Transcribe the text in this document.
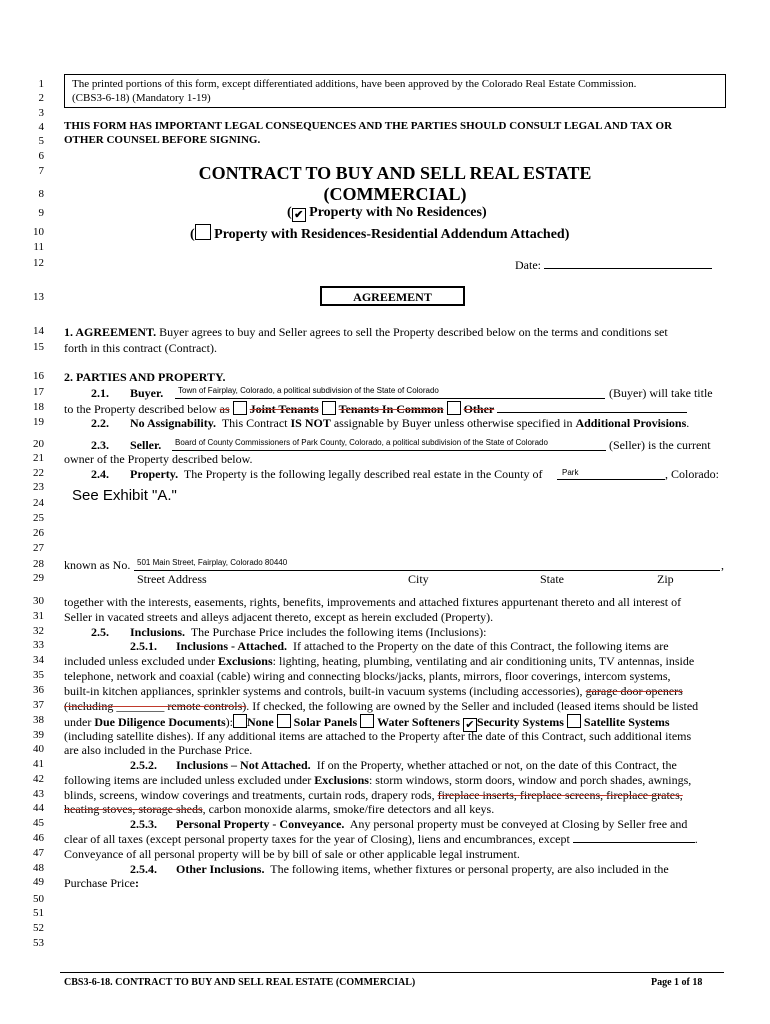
1
2
3
4
5
6
7
8
9
10
11
12
13
14
15
16
17
18
19
20
21
22
23
24
25
26
27
28
29
30
31
32
33
34
35
36
37
38
39
40
41
42
43
44
45
46
47
48
49
50
51
52
53
The printed portions of this form, except differentiated additions, have been approved by the Colorado Real Estate Commission.
(CBS3-6-18) (Mandatory 1-19)
THIS FORM HAS IMPORTANT LEGAL CONSEQUENCES AND THE PARTIES SHOULD CONSULT LEGAL AND TAX OR
OTHER COUNSEL BEFORE SIGNING.
CONTRACT TO BUY AND SELL REAL ESTATE
(COMMERCIAL)
( ✔ Property with No Residences)
( Property with Residences-Residential Addendum Attached)
Date:
AGREEMENT
1. AGREEMENT. Buyer agrees to buy and Seller agrees to sell the Property described below on the terms and conditions set
forth in this contract (Contract).
2. PARTIES AND PROPERTY.
2.1. Buyer. Town of Fairplay, Colorado, a political subdivision of the State of Colorado	(Buyer) will take title
to the Property described below as Joint Tenants Tenants In Common Other
2.2. No Assignability. This Contract IS NOT assignable by Buyer unless otherwise specified in Additional Provisions.
2.3. Seller. Board of County Commissioners of Park County, Colorado, a political subdivision of the State of Colorado	(Seller) is the current
owner of the Property described below.
2.4. Property. The Property is the following legally described real estate in the County of Park	, Colorado:
See Exhibit "A."
known as No. 501 Main Street, Fairplay, Colorado 80440	,
Street Address	City	State	Zip
together with the interests, easements, rights, benefits, improvements and attached fixtures appurtenant thereto and all interest of
Seller in vacated streets and alleys adjacent thereto, except as herein excluded (Property).
2.5. Inclusions. The Purchase Price includes the following items (Inclusions):
2.5.1. Inclusions - Attached. If attached to the Property on the date of this Contract, the following items are
included unless excluded under Exclusions: lighting, heating, plumbing, ventilating and air conditioning units, TV antennas, inside
telephone, network and coaxial (cable) wiring and connecting blocks/jacks, plants, mirrors, floor coverings, intercom systems,
built-in kitchen appliances, sprinkler systems and controls, built-in vacuum systems (including accessories), garage door openers
(including ________ remote controls). If checked, the following are owned by the Seller and included (leased items should be listed
under Due Diligence Documents): None Solar Panels Water Softeners ✔ Security Systems Satellite Systems
(including satellite dishes). If any additional items are attached to the Property after the date of this Contract, such additional items
are also included in the Purchase Price.
2.5.2. Inclusions – Not Attached. If on the Property, whether attached or not, on the date of this Contract, the
following items are included unless excluded under Exclusions: storm windows, storm doors, window and porch shades, awnings,
blinds, screens, window coverings and treatments, curtain rods, drapery rods, fireplace inserts, fireplace screens, fireplace grates,
heating stoves, storage sheds, carbon monoxide alarms, smoke/fire detectors and all keys.
2.5.3. Personal Property - Conveyance. Any personal property must be conveyed at Closing by Seller free and
clear of all taxes (except personal property taxes for the year of Closing), liens and encumbrances, except	.
Conveyance of all personal property will be by bill of sale or other applicable legal instrument.
2.5.4. Other Inclusions. The following items, whether fixtures or personal property, are also included in the
Purchase Price:
CBS3-6-18. CONTRACT TO BUY AND SELL REAL ESTATE (COMMERCIAL)	Page 1 of 18
